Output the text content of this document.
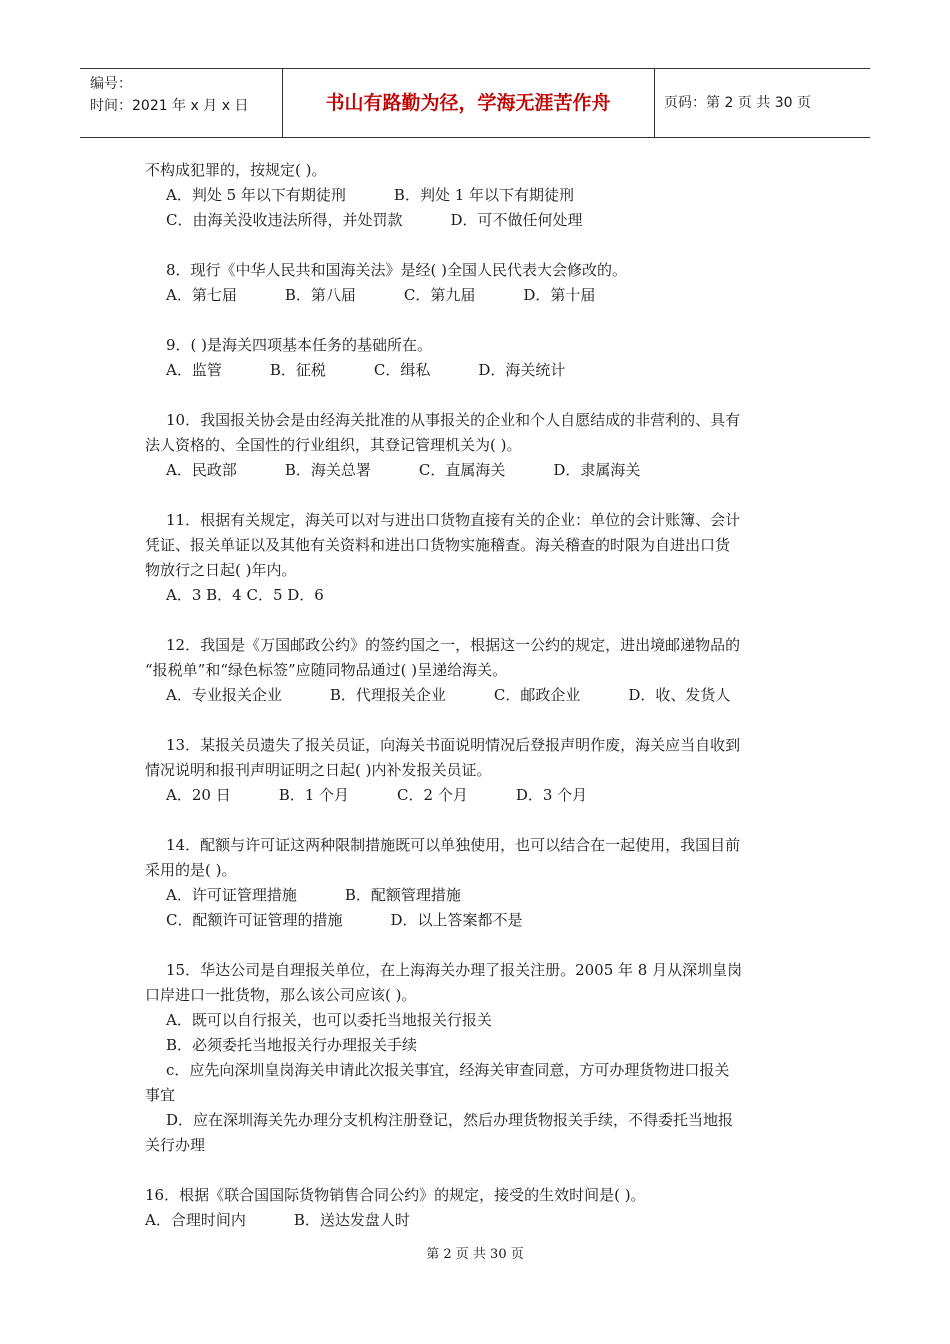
编号：
时间：2021 年 x 月 x 日	书山有路勤为径，学海无涯苦作舟	页码：第 2 页 共 30 页
不构成犯罪的，按规定( )。
A．判处 5 年以下有期徒刑	B．判处 1 年以下有期徒刑
C．由海关没收违法所得，并处罚款	D．可不做任何处理
8．现行《中华人民共和国海关法》是经( )全国人民代表大会修改的。
A．第七届	B．第八届	C．第九届	D．第十届
9．( )是海关四项基本任务的基础所在。
A．监管	B．征税	C．缉私	D．海关统计
10．我国报关协会是由经海关批准的从事报关的企业和个人自愿结成的非营利的、具有
法人资格的、全国性的行业组织，其登记管理机关为( )。
A．民政部	B．海关总署	C．直属海关	D．隶属海关
11．根据有关规定，海关可以对与进出口货物直接有关的企业：单位的会计账簿、会计
凭证、报关单证以及其他有关资料和进出口货物实施稽查。海关稽查的时限为自进出口货
物放行之日起( )年内。
A．3 B．4 C．5 D．6
12．我国是《万国邮政公约》的签约国之一，根据这一公约的规定，进出境邮递物品的
“报税单”和“绿色标签”应随同物品通过( )呈递给海关。
A．专业报关企业	B．代理报关企业	C．邮政企业	D．收、发货人
13．某报关员遗失了报关员证，向海关书面说明情况后登报声明作废，海关应当自收到
情况说明和报刊声明证明之日起( )内补发报关员证。
A．20 日	B．1 个月	C．2 个月	D．3 个月
14．配额与许可证这两种限制措施既可以单独使用，也可以结合在一起使用，我国目前
采用的是( )。
A．许可证管理措施	B．配额管理措施
C．配额许可证管理的措施	D．以上答案都不是
15．华达公司是自理报关单位，在上海海关办理了报关注册。2005 年 8 月从深圳皇岗
口岸进口一批货物，那么该公司应该( )。
A．既可以自行报关，也可以委托当地报关行报关
B．必须委托当地报关行办理报关手续
c．应先向深圳皇岗海关申请此次报关事宜，经海关审查同意，方可办理货物进口报关
事宜
D．应在深圳海关先办理分支机构注册登记，然后办理货物报关手续，不得委托当地报
关行办理
16．根据《联合国国际货物销售合同公约》的规定，接受的生效时间是( )。
A．合理时间内	B．送达发盘人时
第 2 页 共 30 页
